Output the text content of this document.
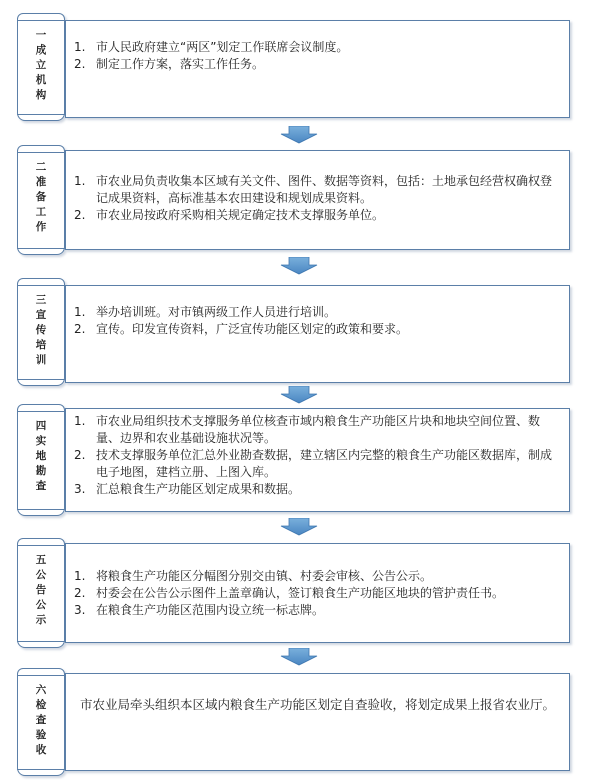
一
成
立
机
构
1. 市人民政府建立“两区”划定工作联席会议制度。
2. 制定工作方案，落实工作任务。
二
准
备
工
作
1. 市农业局负责收集本区域有关文件、图件、数据等资料，包括：土地承包经营权确权登记成果资料，高标准基本农田建设和规划成果资料。
2. 市农业局按政府采购相关规定确定技术支撑服务单位。
三
宣
传
培
训
1. 举办培训班。对市镇两级工作人员进行培训。
2. 宣传。印发宣传资料，广泛宣传功能区划定的政策和要求。
四
实
地
勘
查
1. 市农业局组织技术支撑服务单位核查市域内粮食生产功能区片块和地块空间位置、数量、边界和农业基础设施状况等。
2. 技术支撑服务单位汇总外业勘查数据，建立辖区内完整的粮食生产功能区数据库，制成电子地图，建档立册、上图入库。
3. 汇总粮食生产功能区划定成果和数据。
五
公
告
公
示
1. 将粮食生产功能区分幅图分别交由镇、村委会审核、公告公示。
2. 村委会在公告公示图件上盖章确认，签订粮食生产功能区地块的管护责任书。
3. 在粮食生产功能区范围内设立统一标志牌。
六
检
查
验
收
市农业局牵头组织本区域内粮食生产功能区划定自查验收，将划定成果上报省农业厅。
